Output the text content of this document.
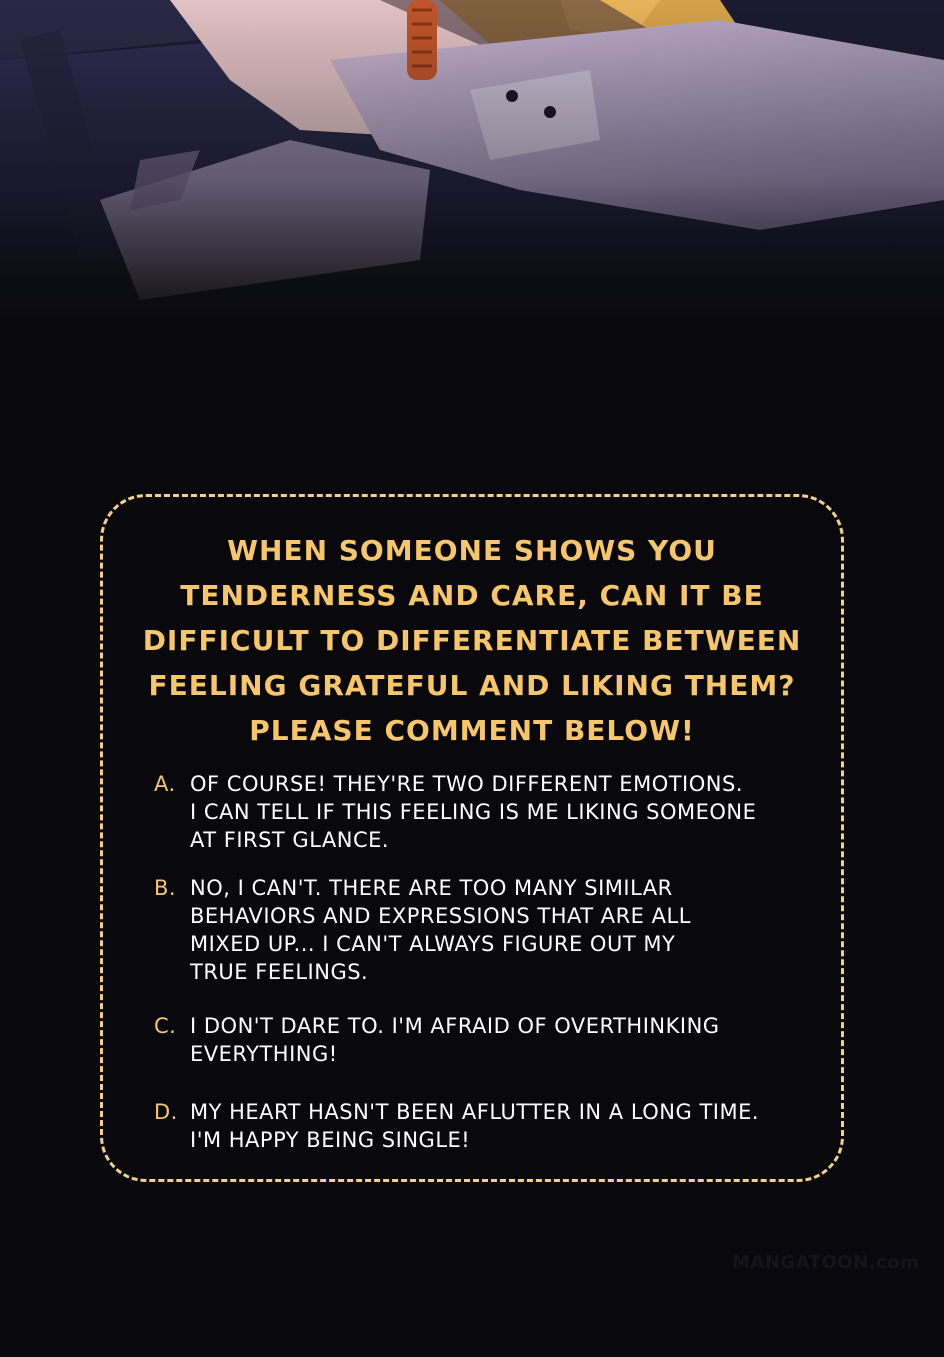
WHEN SOMEONE SHOWS YOU
TENDERNESS AND CARE, CAN IT BE
DIFFICULT TO DIFFERENTIATE BETWEEN
FEELING GRATEFUL AND LIKING THEM?
PLEASE COMMENT BELOW!
A. OF COURSE! THEY'RE TWO DIFFERENT EMOTIONS.
I CAN TELL IF THIS FEELING IS ME LIKING SOMEONE
AT FIRST GLANCE.
B. NO, I CAN'T. THERE ARE TOO MANY SIMILAR
BEHAVIORS AND EXPRESSIONS THAT ARE ALL
MIXED UP... I CAN'T ALWAYS FIGURE OUT MY
TRUE FEELINGS.
C. I DON'T DARE TO. I'M AFRAID OF OVERTHINKING
EVERYTHING!
D. MY HEART HASN'T BEEN AFLUTTER IN A LONG TIME.
I'M HAPPY BEING SINGLE!
MANGATOON.com
